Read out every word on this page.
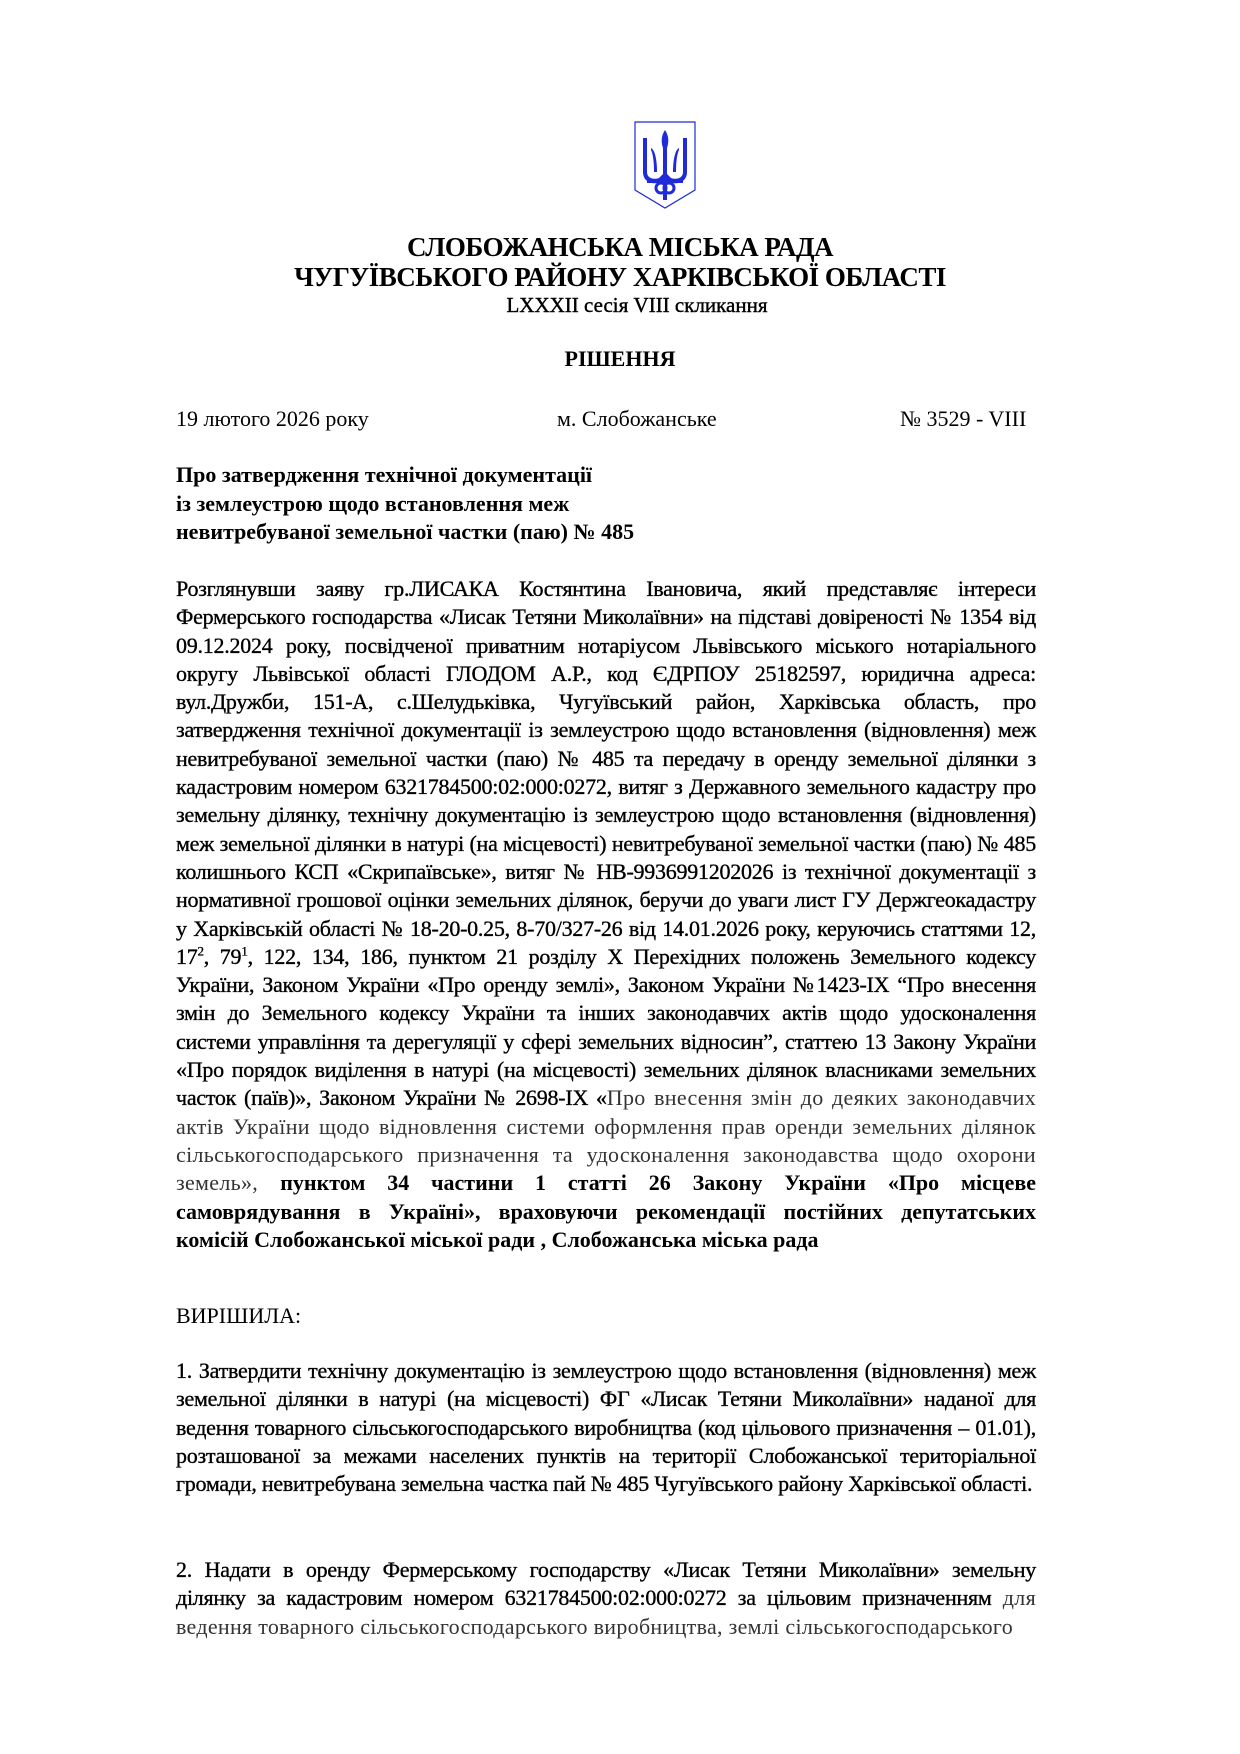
СЛОБОЖАНСЬКА МІСЬКА РАДА
ЧУГУЇВСЬКОГО РАЙОНУ ХАРКІВСЬКОЇ ОБЛАСТІ
LXXXII сесія VIII скликання
РІШЕННЯ
19 лютого 2026 року	м. Слобожанське	№ 3529 - VIII
Про затвердження технічної документації
із землеустрою щодо встановлення меж
невитребуваної земельної частки (паю) № 485
Розглянувши заяву гр.ЛИСАКА Костянтина Івановича, який представляє інтереси Фермерського господарства «Лисак Тетяни Миколаївни» на підставі довіреності № 1354 від 09.12.2024 року, посвідченої приватним нотаріусом Львівського міського нотаріального округу Львівської області ГЛОДОМ А.Р., код ЄДРПОУ 25182597, юридична адреса: вул.Дружби, 151-А, с.Шелудьківка, Чугуївський район, Харківська область, про затвердження технічної документації із землеустрою щодо встановлення (відновлення) меж невитребуваної земельної частки (паю) № 485 та передачу в оренду земельної ділянки з кадастровим номером 6321784500:02:000:0272, витяг з Державного земельного кадастру про земельну ділянку, технічну документацію із землеустрою щодо встановлення (відновлення) меж земельної ділянки в натурі (на місцевості) невитребуваної земельної частки (паю) № 485 колишнього КСП «Скрипаївське», витяг № НВ-9936991202026 із технічної документації з нормативної грошової оцінки земельних ділянок, беручи до уваги лист ГУ Держгеокадастру у Харківській області № 18-20-0.25, 8-70/327-26 від 14.01.2026 року, керуючись статтями 12, $17^2$, $79^1$, 122, 134, 186, пунктом 21 розділу Х Перехідних положень Земельного кодексу України, Законом України «Про оренду землі», Законом України №1423-IX “Про внесення змін до Земельного кодексу України та інших законодавчих актів щодо удосконалення системи управління та дерегуляції у сфері земельних відносин”, статтею 13 Закону України «Про порядок виділення в натурі (на місцевості) земельних ділянок власниками земельних часток (паїв)», Законом України № 2698-IX «Про внесення змін до деяких законодавчих актів України щодо відновлення системи оформлення прав оренди земельних ділянок сільськогосподарського призначення та удосконалення законодавства щодо охорони земель», пунктом 34 частини 1 статті 26 Закону України «Про місцеве самоврядування в Україні», враховуючи рекомендації постійних депутатських комісій Слобожанської міської ради , Слобожанська міська рада
ВИРІШИЛА:
1. Затвердити технічну документацію із землеустрою щодо встановлення (відновлення) меж земельної ділянки в натурі (на місцевості) ФГ «Лисак Тетяни Миколаївни» наданої для ведення товарного сільськогосподарського виробництва (код цільового призначення – 01.01), розташованої за межами населених пунктів на території Слобожанської територіальної громади, невитребувана земельна частка пай № 485 Чугуївського району Харківської області.
2. Надати в оренду Фермерському господарству «Лисак Тетяни Миколаївни» земельну ділянку за кадастровим номером 6321784500:02:000:0272 за цільовим призначенням для ведення товарного сільськогосподарського виробництва, землі сільськогосподарського
